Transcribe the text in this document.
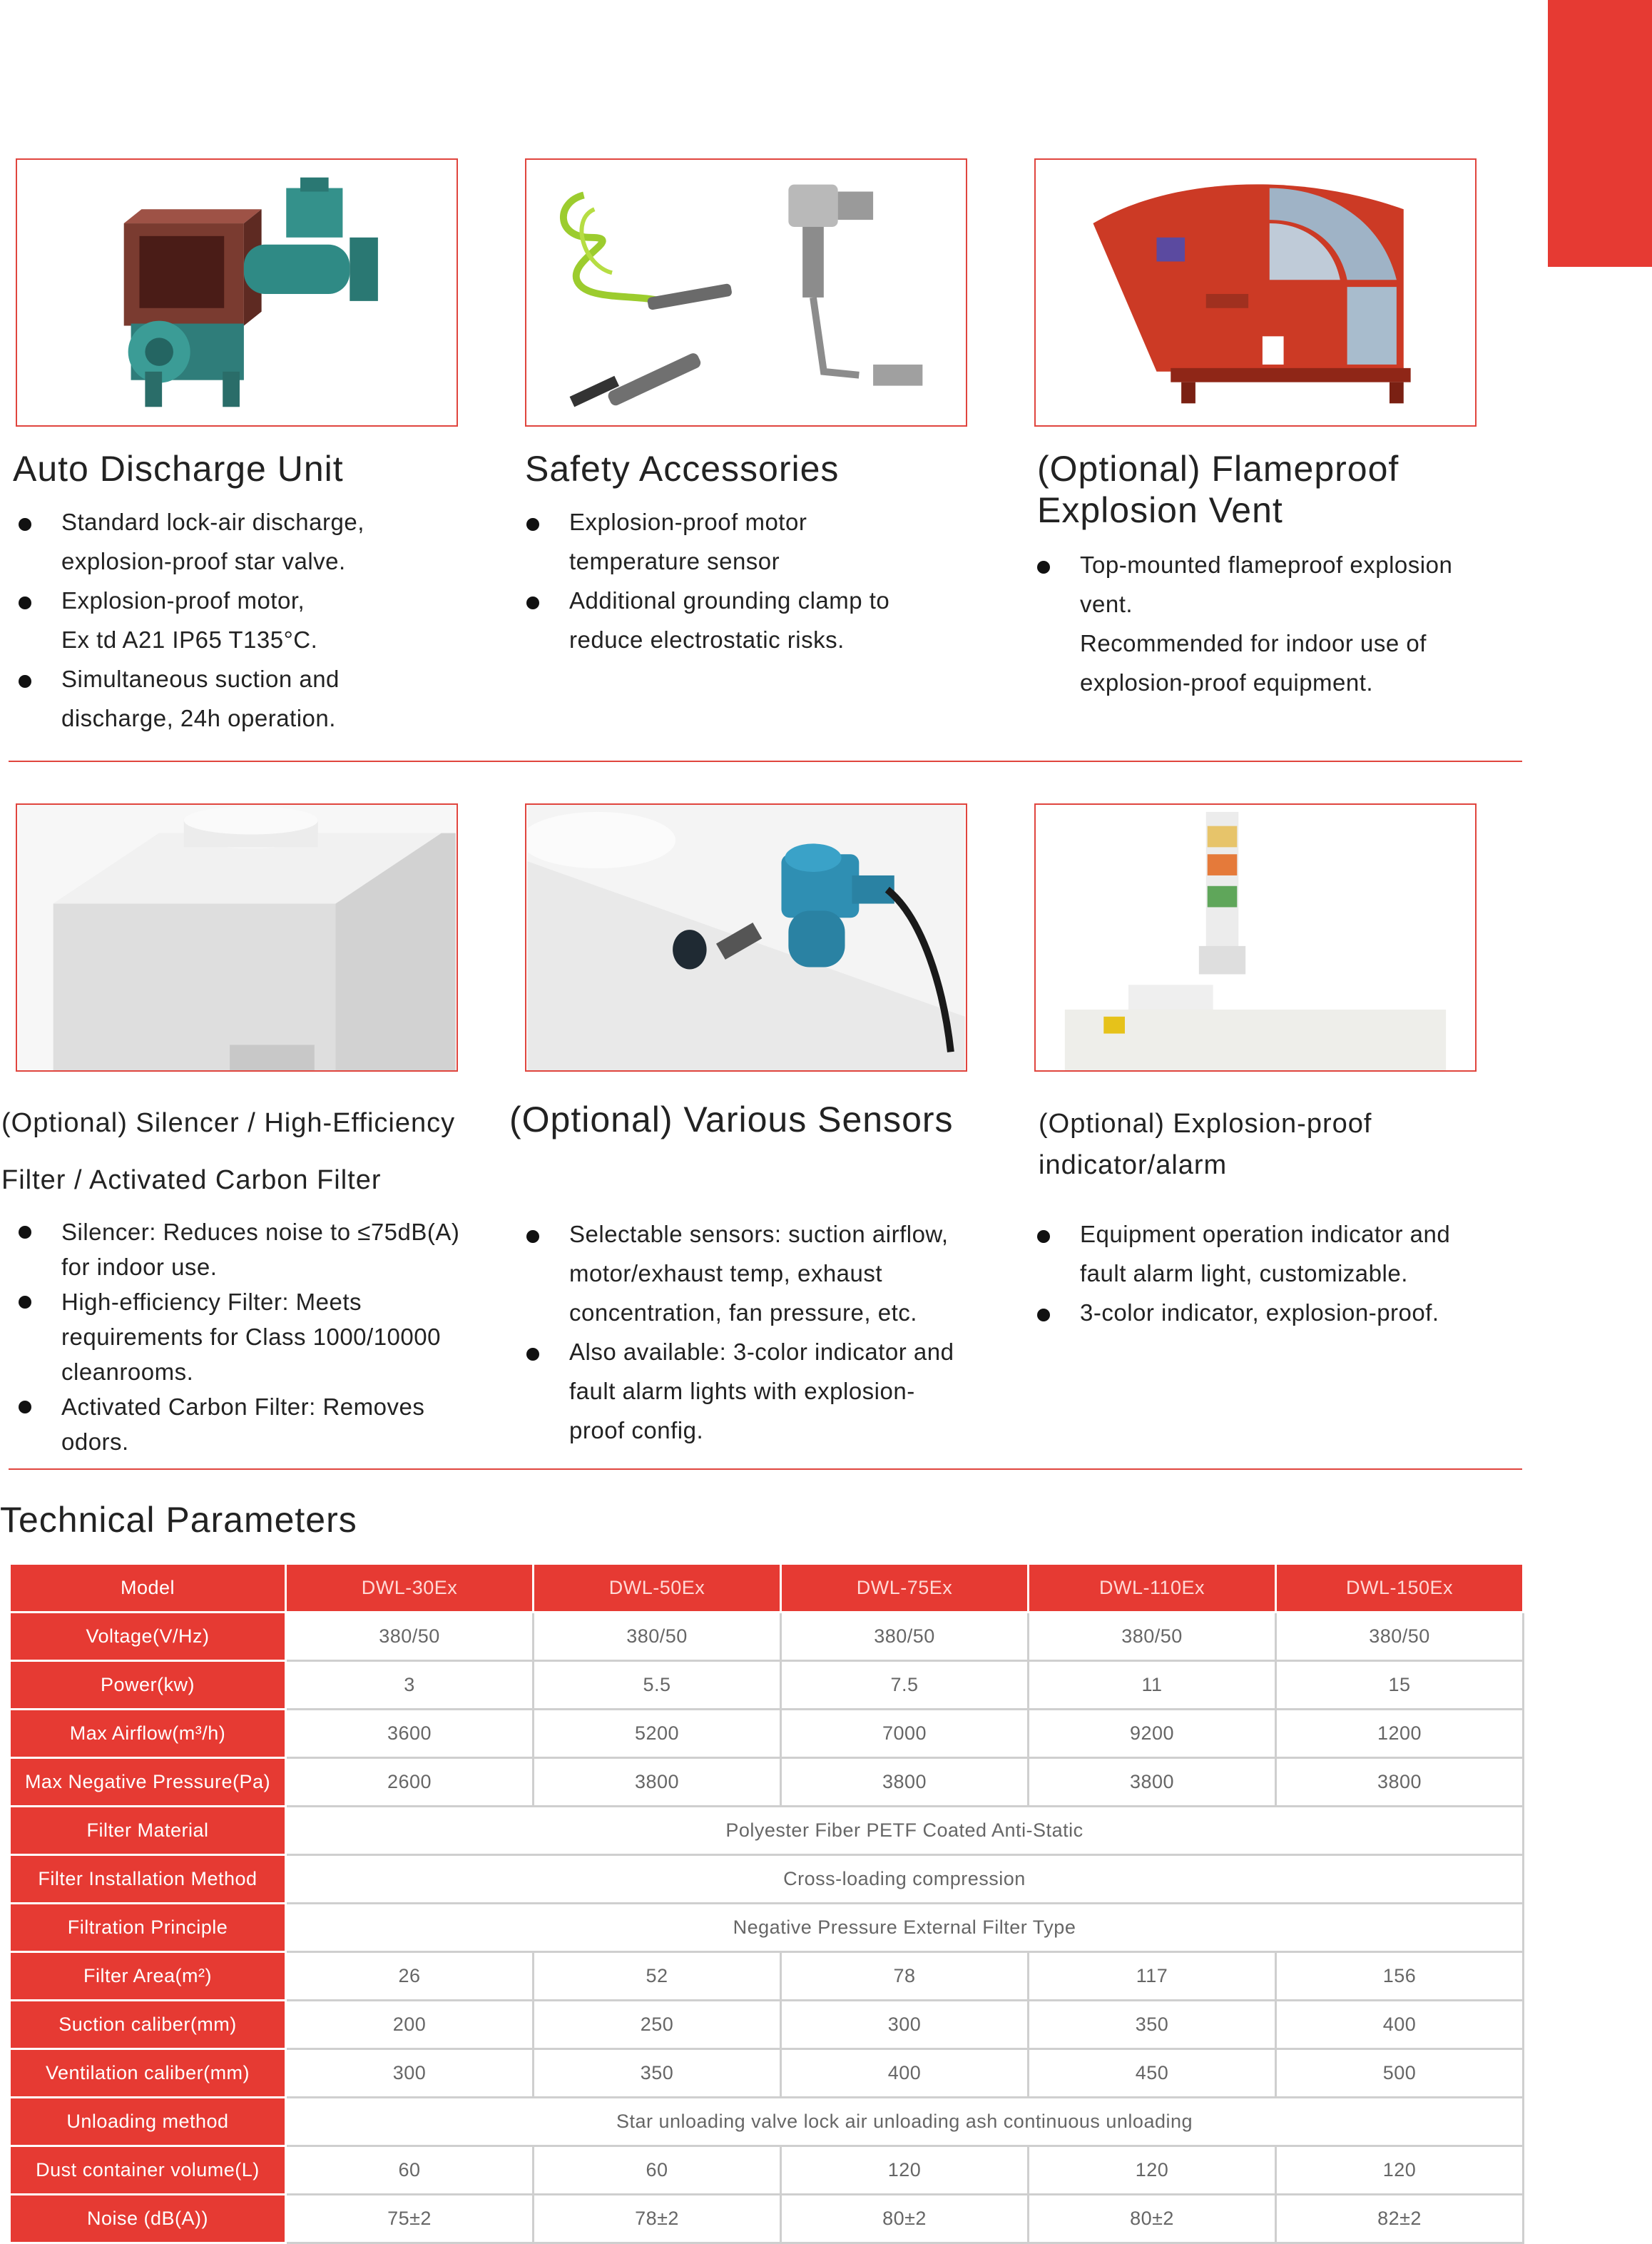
Auto Discharge Unit
Standard lock-air discharge,
explosion-proof star valve.
Explosion-proof motor,
Ex td A21 IP65 T135°C.
Simultaneous suction and
discharge, 24h operation.
Safety Accessories
Explosion-proof motor
temperature sensor
Additional grounding clamp to
reduce electrostatic risks.
(Optional) Flameproof
Explosion Vent
Top-mounted flameproof explosion
vent.
Recommended for indoor use of
explosion-proof equipment.
(Optional) Silencer / High-Efficiency
Filter / Activated Carbon Filter
Silencer: Reduces noise to ≤75dB(A)
for indoor use.
High-efficiency Filter: Meets
requirements for Class 1000/10000
cleanrooms.
Activated Carbon Filter: Removes
odors.
(Optional) Various Sensors
Selectable sensors: suction airflow,
motor/exhaust temp, exhaust
concentration, fan pressure, etc.
Also available: 3-color indicator and
fault alarm lights with explosion-
proof config.
(Optional) Explosion-proof
indicator/alarm
Equipment operation indicator and
fault alarm light, customizable.
3-color indicator, explosion-proof.
Technical Parameters
Model	DWL-30Ex	DWL-50Ex	DWL-75Ex	DWL-110Ex	DWL-150Ex
Voltage(V/Hz)	380/50	380/50	380/50	380/50	380/50
Power(kw)	3	5.5	7.5	11	15
Max Airflow(m³/h)	3600	5200	7000	9200	1200
Max Negative Pressure(Pa)	2600	3800	3800	3800	3800
Filter Material	Polyester Fiber PETF Coated Anti-Static				
Filter Installation Method	Cross-loading compression				
Filtration Principle	Negative Pressure External Filter Type				
Filter Area(m²)	26	52	78	117	156
Suction caliber(mm)	200	250	300	350	400
Ventilation caliber(mm)	300	350	400	450	500
Unloading method	Star unloading valve lock air unloading ash continuous unloading				
Dust container volume(L)	60	60	120	120	120
Noise (dB(A))	75±2	78±2	80±2	80±2	82±2
